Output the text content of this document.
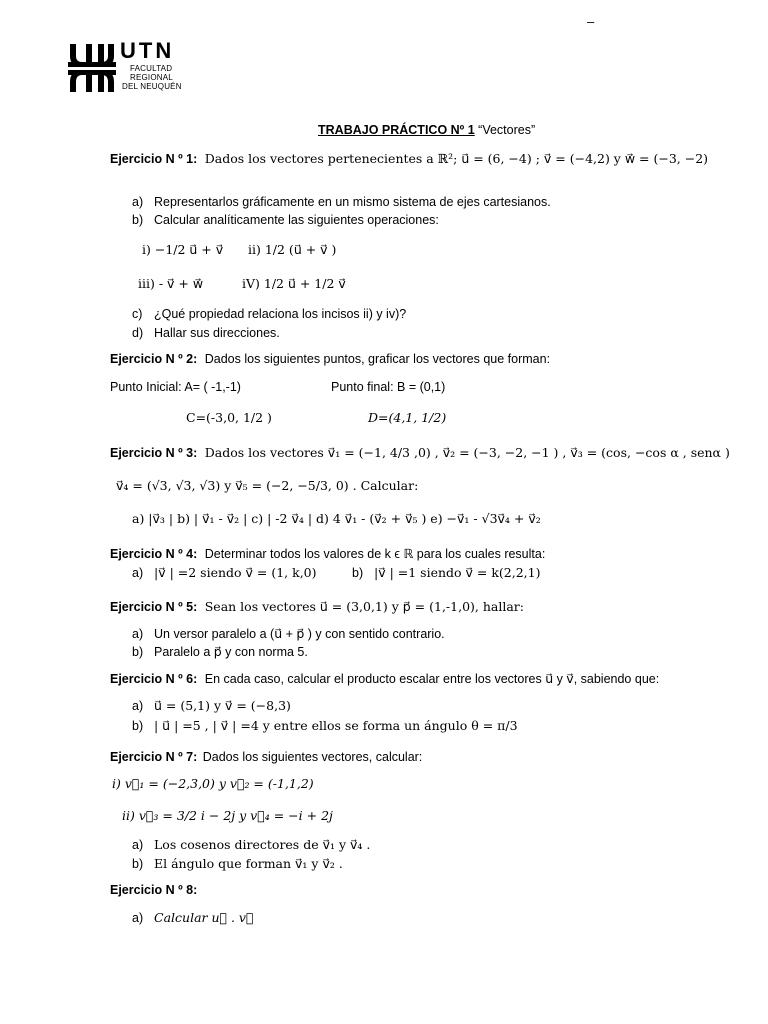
–
UTN
FACULTAD
REGIONAL
DEL NEUQUÉN
TRABAJO PRÁCTICO Nº 1 “Vectores”
Ejercicio N º 1: Dados los vectores pertenecientes a ℝ²; u⃗ = (6, −4) ; v⃗ = (−4,2) y w⃗ = (−3, −2)
a) Representarlos gráficamente en un mismo sistema de ejes cartesianos.
b) Calcular analíticamente las siguientes operaciones:
i) −1/2 u⃗ + v⃗ ii) 1/2 (u⃗ + v⃗ )
iii) - v⃗ + w⃗	iV) 1/2 u⃗ + 1/2 v⃗
c) ¿Qué propiedad relaciona los incisos ii) y iv)?
d) Hallar sus direcciones.
Ejercicio N º 2: Dados los siguientes puntos, graficar los vectores que forman:
Punto Inicial: A= ( -1,-1)	Punto final: B = (0,1)
C=(-3,0, 1/2 )	D=(4,1, 1/2)
Ejercicio N º 3: Dados los vectores v⃗₁ = (−1, 4/3 ,0) , v⃗₂ = (−3, −2, −1 ) , v⃗₃ = (cos, −cos α , senα )
v⃗₄ = (√3, √3, √3) y v⃗₅ = (−2, −5/3, 0) . Calcular:
a) |v⃗₃ | b) | v⃗₁ - v⃗₂ | c) | -2 v⃗₄ | d) 4 v⃗₁ - (v⃗₂ + v⃗₅ ) e) −v⃗₁ - √3v⃗₄ + v⃗₂
Ejercicio N º 4: Determinar todos los valores de k ϵ ℝ para los cuales resulta:
a) |v⃗ | =2 siendo v⃗ = (1, k,0)	b) |v⃗ | =1 siendo v⃗ = k(2,2,1)
Ejercicio N º 5: Sean los vectores u⃗ = (3,0,1) y p⃗ = (1,-1,0), hallar:
a) Un versor paralelo a (u⃗ + p⃗ ) y con sentido contrario.
b) Paralelo a p⃗ y con norma 5.
Ejercicio N º 6: En cada caso, calcular el producto escalar entre los vectores u⃗ y v⃗, sabiendo que:
a) u⃗ = (5,1) y v⃗ = (−8,3)
b) | u⃗ | =5 , | v⃗ | =4 y entre ellos se forma un ángulo θ = π/3
Ejercicio N º 7: Dados los siguientes vectores, calcular:
i) v⃗₁ = (−2,3,0) y v⃗₂ = (-1,1,2)
ii) v⃗₃ = 3/2 i − 2j y v⃗₄ = −i + 2j
a) Los cosenos directores de v⃗₁ y v⃗₄ .
b) El ángulo que forman v⃗₁ y v⃗₂ .
Ejercicio N º 8:
a) Calcular u⃗ . v⃗
